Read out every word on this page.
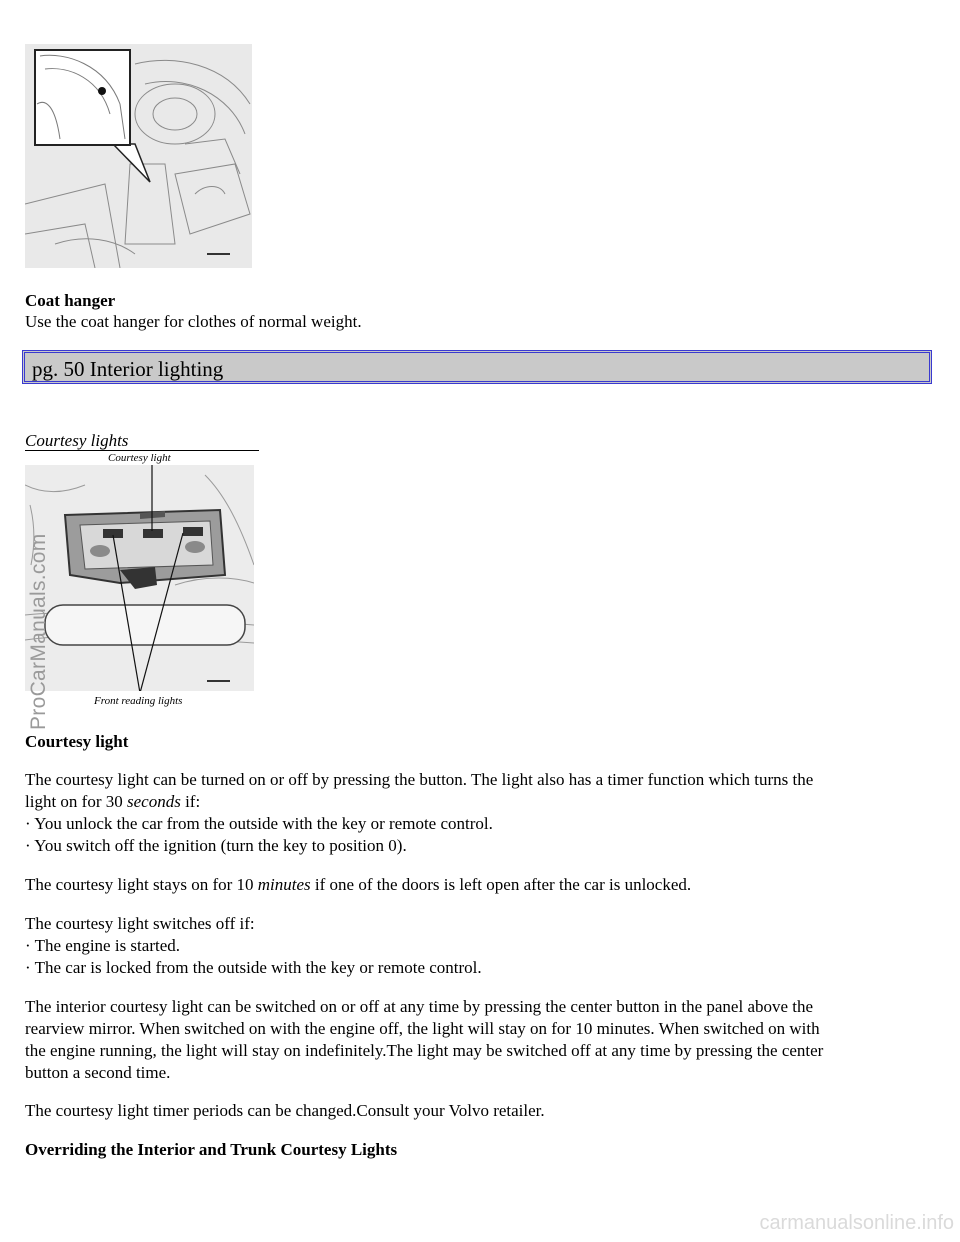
Coat hanger
Use the coat hanger for clothes of normal weight.
pg. 50 Interior lighting
Courtesy lights
Courtesy light
Front reading lights
Courtesy light
The courtesy light can be turned on or off by pressing the button. The light also has a timer function which turns the
light on for 30 seconds if:
· You unlock the car from the outside with the key or remote control.
· You switch off the ignition (turn the key to position 0).
The courtesy light stays on for 10 minutes if one of the doors is left open after the car is unlocked.
The courtesy light switches off if:
· The engine is started.
· The car is locked from the outside with the key or remote control.
The interior courtesy light can be switched on or off at any time by pressing the center button in the panel above the
rearview mirror. When switched on with the engine off, the light will stay on for 10 minutes. When switched on with
the engine running, the light will stay on indefinitely.The light may be switched off at any time by pressing the center
button a second time.
The courtesy light timer periods can be changed.Consult your Volvo retailer.
Overriding the Interior and Trunk Courtesy Lights
ProCarManuals.com
carmanualsonline.info
